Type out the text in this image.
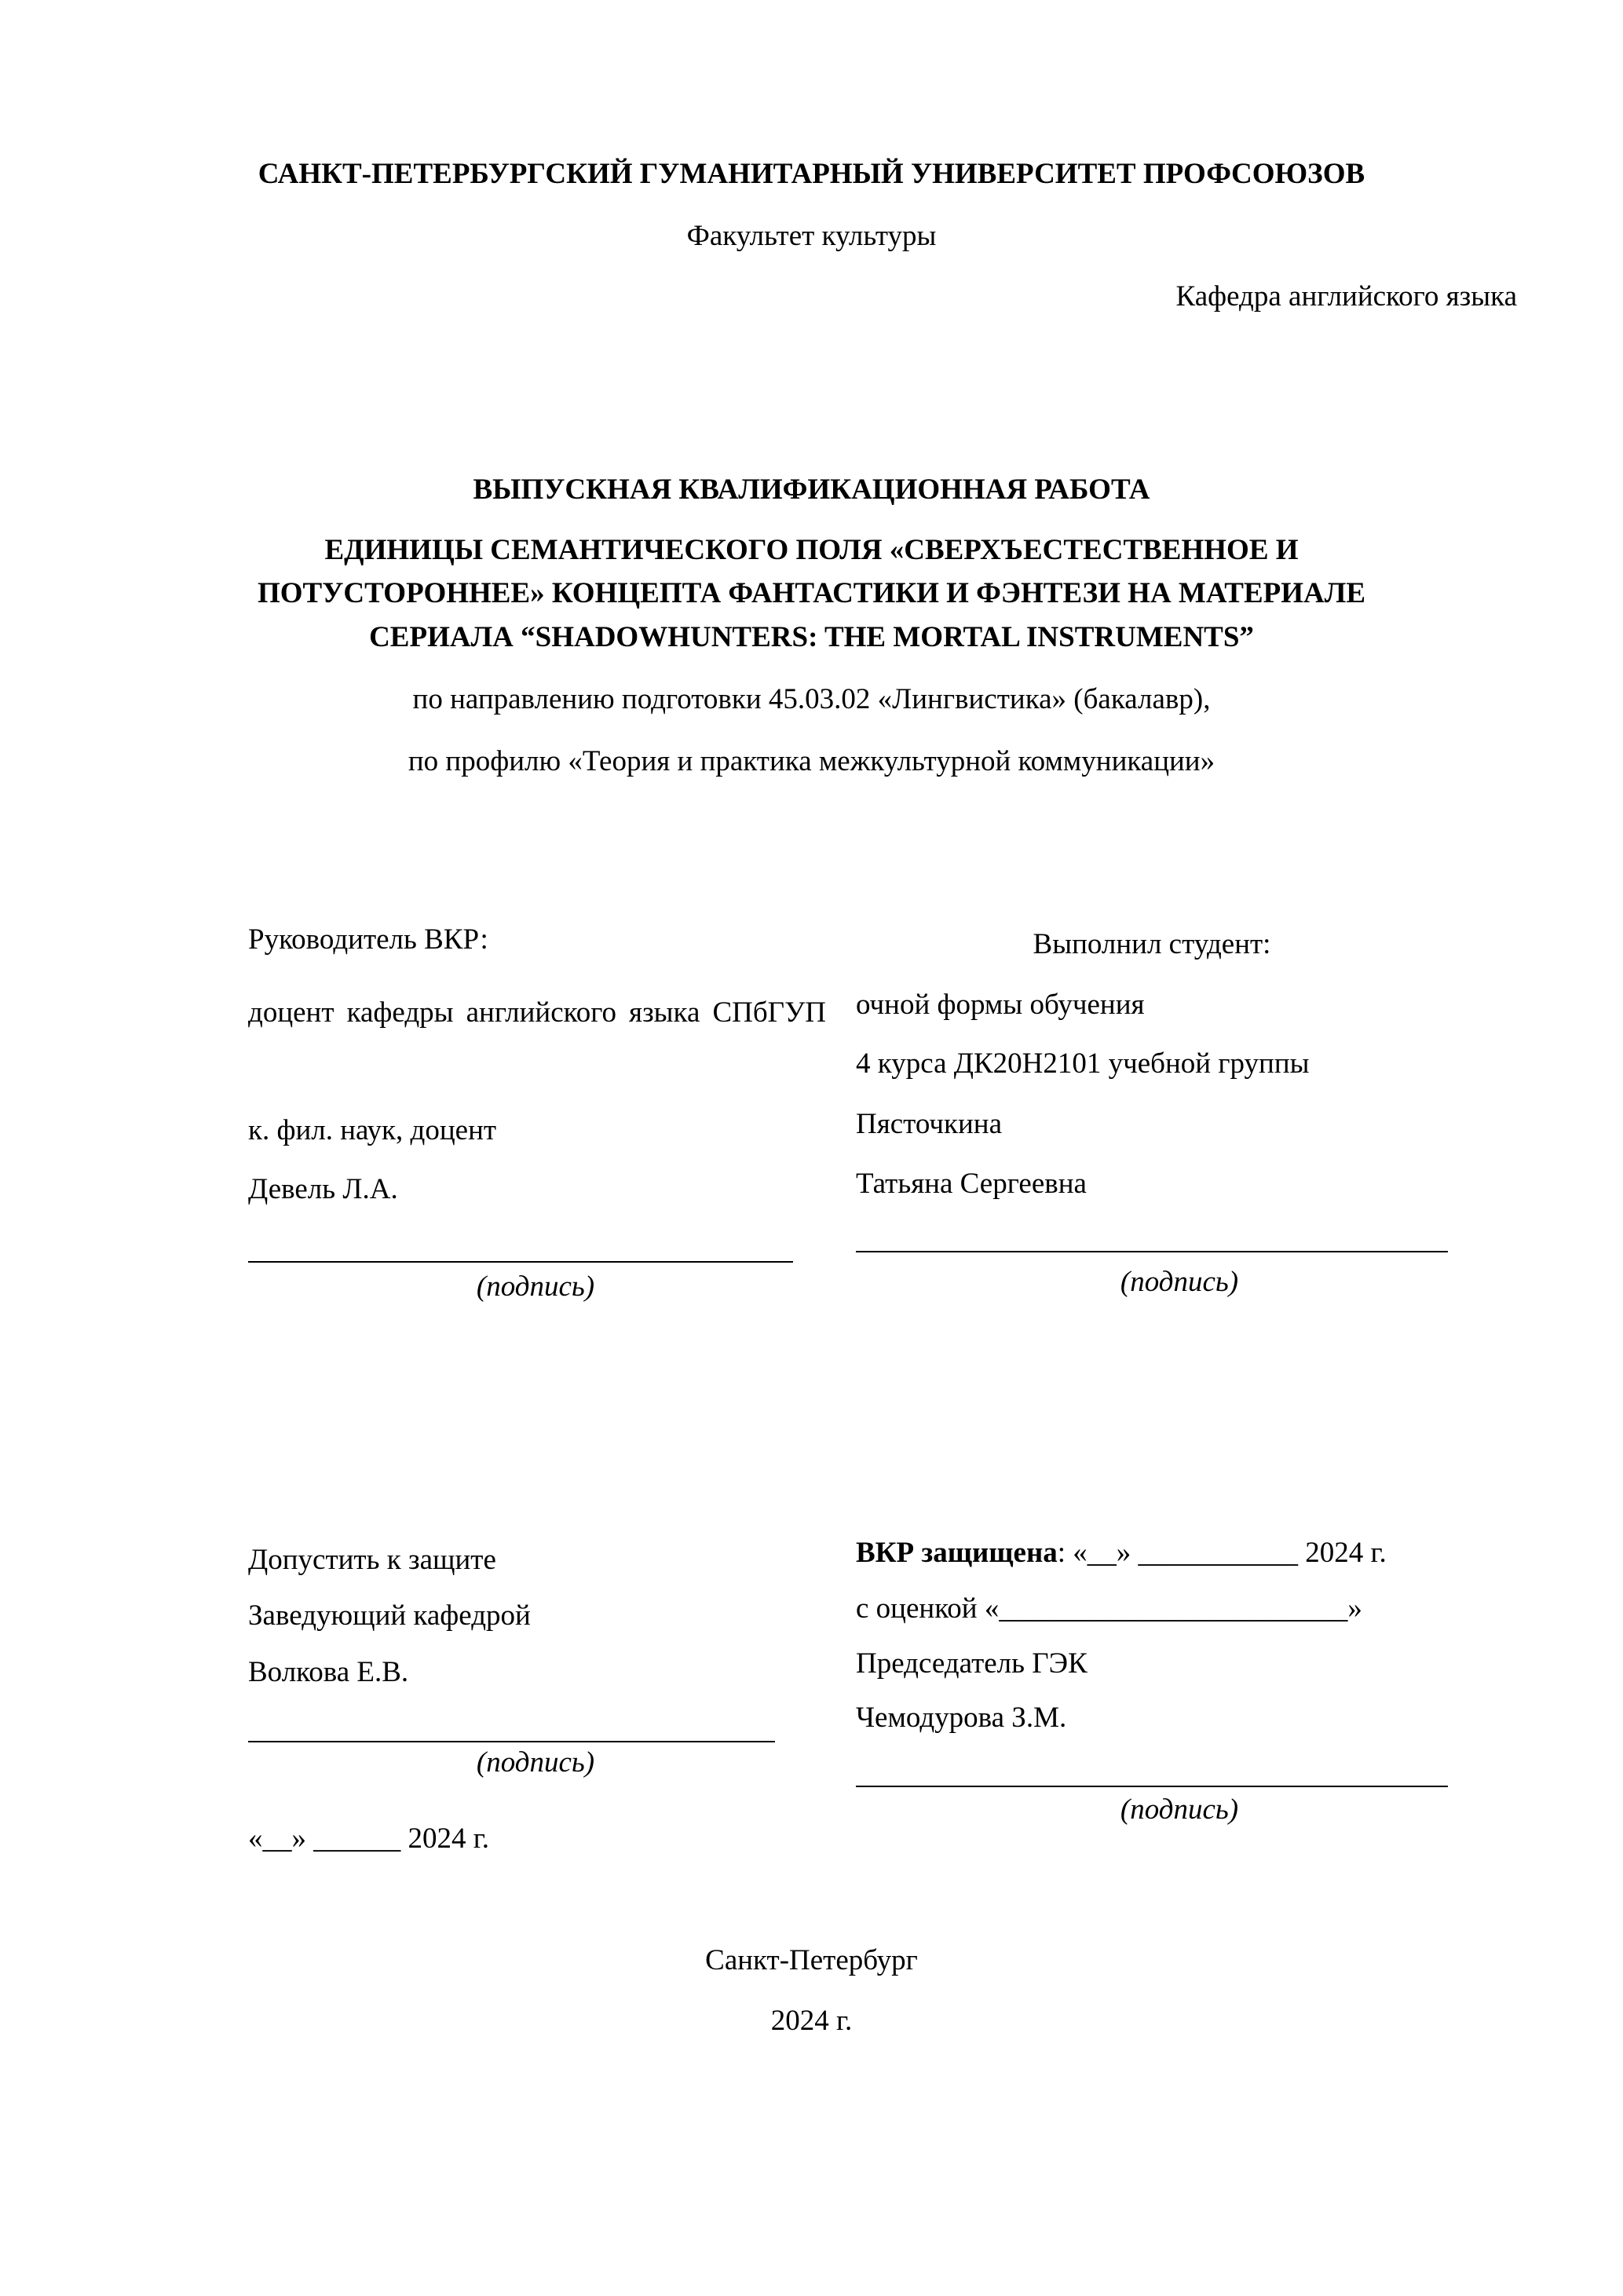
САНКТ-ПЕТЕРБУРГСКИЙ ГУМАНИТАРНЫЙ УНИВЕРСИТЕТ ПРОФСОЮЗОВ
Факультет культуры
Кафедра английского языка
ВЫПУСКНАЯ КВАЛИФИКАЦИОННАЯ РАБОТА
ЕДИНИЦЫ СЕМАНТИЧЕСКОГО ПОЛЯ «СВЕРХЪЕСТЕСТВЕННОЕ И
ПОТУСТОРОННЕЕ» КОНЦЕПТА ФАНТАСТИКИ И ФЭНТЕЗИ НА МАТЕРИАЛЕ
СЕРИАЛА “SHADOWHUNTERS: THE MORTAL INSTRUMENTS”
по направлению подготовки 45.03.02 «Лингвистика» (бакалавр),
по профилю «Теория и практика межкультурной коммуникации»
Руководитель ВКР:
доцент кафедры английского языка СПбГУП
к. фил. наук, доцент
Девель Л.А.
(подпись)
Выполнил студент:
очной формы обучения
4 курса ДК20Н2101 учебной группы
Пясточкина
Татьяна Сергеевна
(подпись)
Допустить к защите
Заведующий кафедрой
Волкова Е.В.
(подпись)
«__» ______ 2024 г.
ВКР защищена: «__» ___________ 2024 г.
с оценкой «________________________»
Председатель ГЭК
Чемодурова З.М.
(подпись)
Санкт-Петербург
2024 г.
